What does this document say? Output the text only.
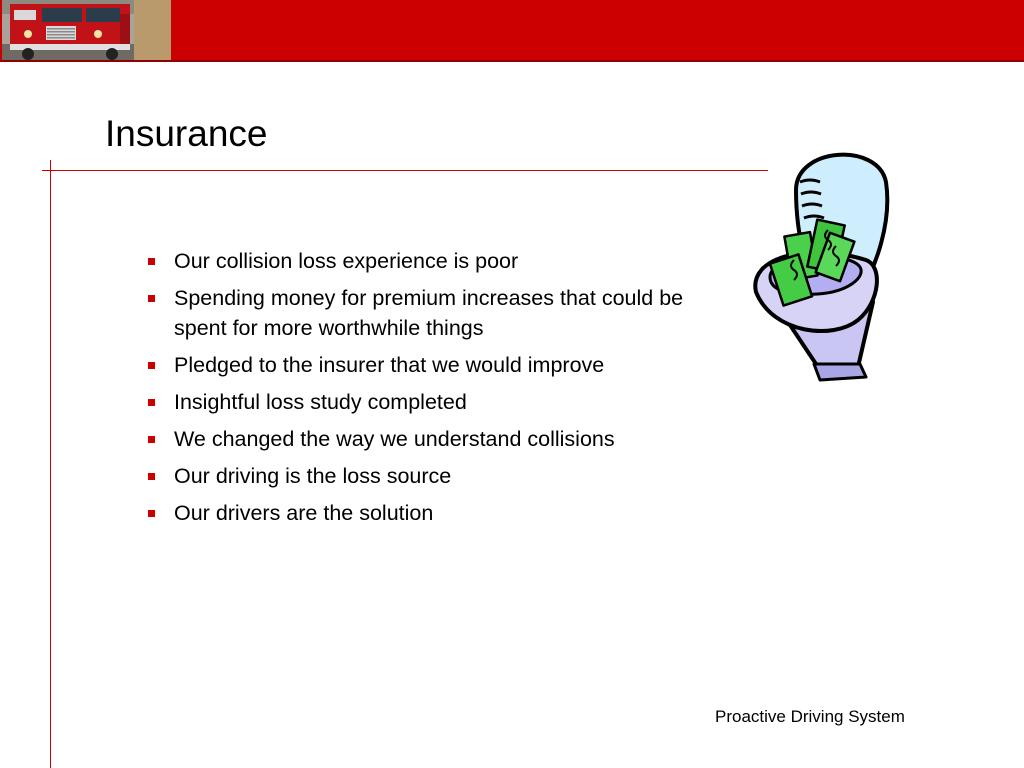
Insurance
Our collision loss experience is poor
Spending money for premium increases that could be spent for more worthwhile things
Pledged to the insurer that we would improve
Insightful loss study completed
We changed the way we understand collisions
Our driving is the loss source
Our drivers are the solution
Proactive Driving System
